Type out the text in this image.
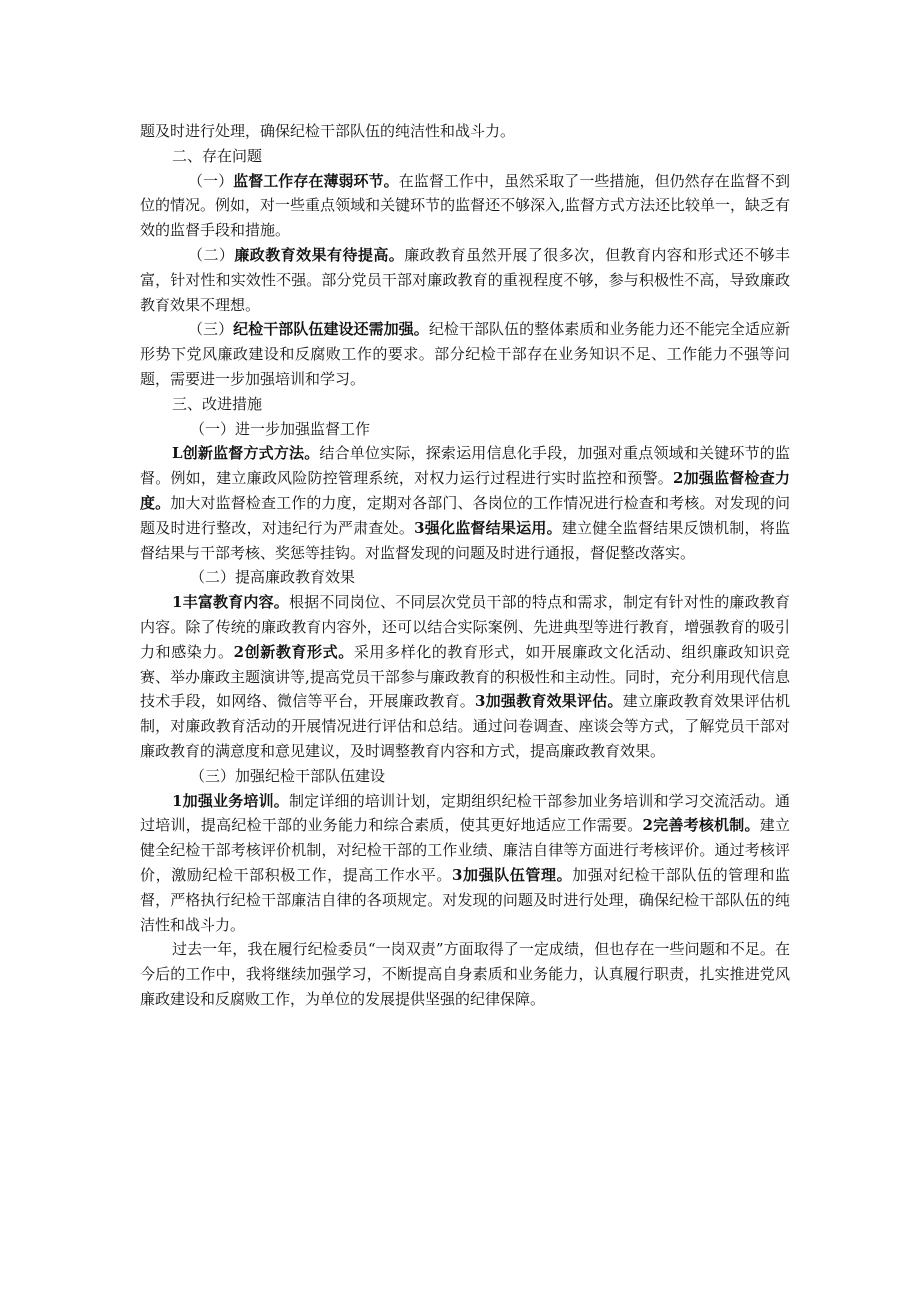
题及时进行处理，确保纪检干部队伍的纯洁性和战斗力。

二、存在问题

（一）监督工作存在薄弱环节。在监督工作中，虽然采取了一些措施，但仍然存在监督不到位的情况。例如，对一些重点领域和关键环节的监督还不够深入,监督方式方法还比较单一，缺乏有效的监督手段和措施。

（二）廉政教育效果有待提高。廉政教育虽然开展了很多次，但教育内容和形式还不够丰富，针对性和实效性不强。部分党员干部对廉政教育的重视程度不够，参与积极性不高，导致廉政教育效果不理想。

（三）纪检干部队伍建设还需加强。纪检干部队伍的整体素质和业务能力还不能完全适应新形势下党风廉政建设和反腐败工作的要求。部分纪检干部存在业务知识不足、工作能力不强等问题，需要进一步加强培训和学习。

三、改进措施

（一）进一步加强监督工作

L创新监督方式方法。结合单位实际，探索运用信息化手段，加强对重点领域和关键环节的监督。例如，建立廉政风险防控管理系统，对权力运行过程进行实时监控和预警。2加强监督检查力度。加大对监督检查工作的力度，定期对各部门、各岗位的工作情况进行检查和考核。对发现的问题及时进行整改，对违纪行为严肃查处。3强化监督结果运用。建立健全监督结果反馈机制，将监督结果与干部考核、奖惩等挂钩。对监督发现的问题及时进行通报，督促整改落实。

（二）提高廉政教育效果

1丰富教育内容。根据不同岗位、不同层次党员干部的特点和需求，制定有针对性的廉政教育内容。除了传统的廉政教育内容外，还可以结合实际案例、先进典型等进行教育，增强教育的吸引力和感染力。2创新教育形式。采用多样化的教育形式，如开展廉政文化活动、组织廉政知识竞赛、举办廉政主题演讲等,提高党员干部参与廉政教育的积极性和主动性。同时，充分利用现代信息技术手段，如网络、微信等平台，开展廉政教育。3加强教育效果评估。建立廉政教育效果评估机制，对廉政教育活动的开展情况进行评估和总结。通过问卷调查、座谈会等方式，了解党员干部对廉政教育的满意度和意见建议，及时调整教育内容和方式，提高廉政教育效果。

（三）加强纪检干部队伍建设

1加强业务培训。制定详细的培训计划，定期组织纪检干部参加业务培训和学习交流活动。通过培训，提高纪检干部的业务能力和综合素质，使其更好地适应工作需要。2完善考核机制。建立健全纪检干部考核评价机制，对纪检干部的工作业绩、廉洁自律等方面进行考核评价。通过考核评价，激励纪检干部积极工作，提高工作水平。3加强队伍管理。加强对纪检干部队伍的管理和监督，严格执行纪检干部廉洁自律的各项规定。对发现的问题及时进行处理，确保纪检干部队伍的纯洁性和战斗力。

过去一年，我在履行纪检委员“一岗双责”方面取得了一定成绩，但也存在一些问题和不足。在今后的工作中，我将继续加强学习，不断提高自身素质和业务能力，认真履行职责，扎实推进党风廉政建设和反腐败工作，为单位的发展提供坚强的纪律保障。
